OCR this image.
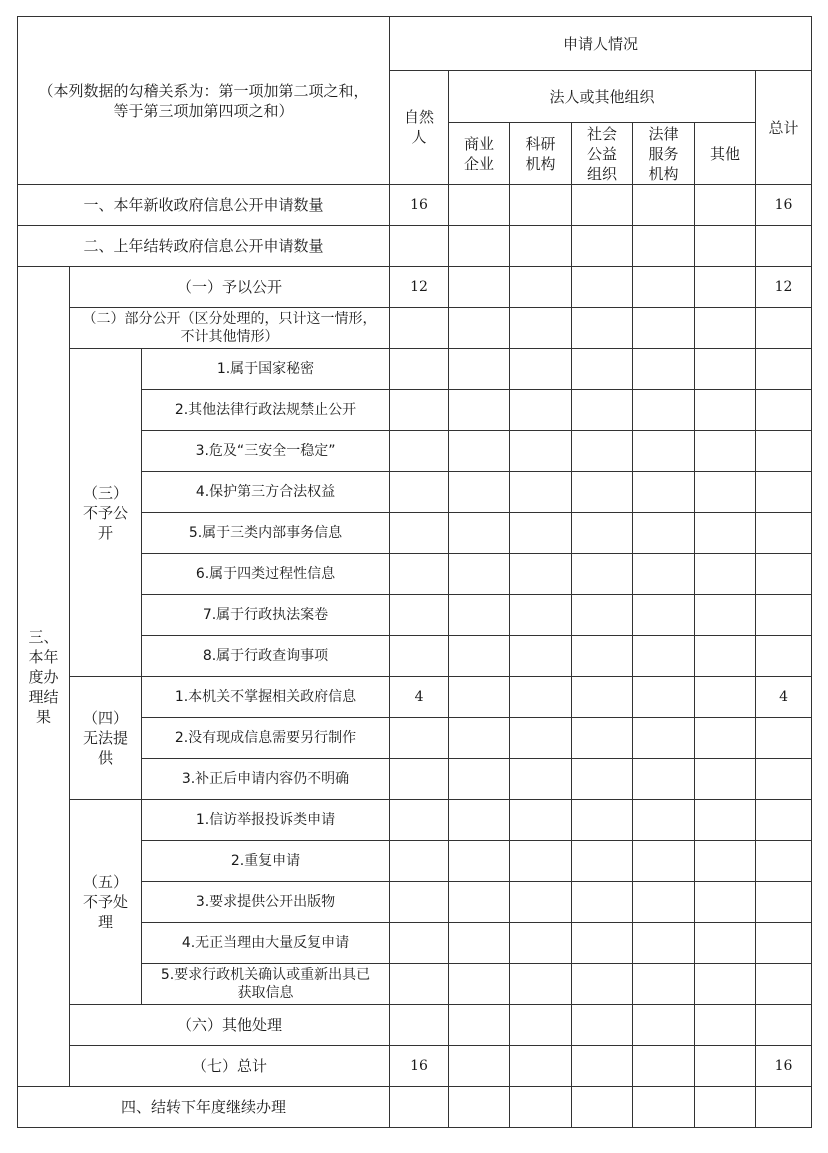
（本列数据的勾稽关系为：第一项加第二项之和，等于第三项加第四项之和）			申请人情况						
			自然人	法人或其他组织					总计
				商业企业	科研机构	社会公益组织	法律服务机构	其他	
一、本年新收政府信息公开申请数量			16						16
二、上年结转政府信息公开申请数量									
三、本年度办理结果	（一）予以公开		12						12
	（二）部分公开（区分处理的，只计这一情形，不计其他情形）								
	（三）不予公开	1.属于国家秘密							
		2.其他法律行政法规禁止公开							
		3.危及“三安全一稳定”							
		4.保护第三方合法权益							
		5.属于三类内部事务信息							
		6.属于四类过程性信息							
		7.属于行政执法案卷							
		8.属于行政查询事项							
	（四）无法提供	1.本机关不掌握相关政府信息	4						4
		2.没有现成信息需要另行制作							
		3.补正后申请内容仍不明确							
	（五）不予处理	1.信访举报投诉类申请							
		2.重复申请							
		3.要求提供公开出版物							
		4.无正当理由大量反复申请							
		5.要求行政机关确认或重新出具已获取信息							
	（六）其他处理								
	（七）总计		16						16
四、结转下年度继续办理									
